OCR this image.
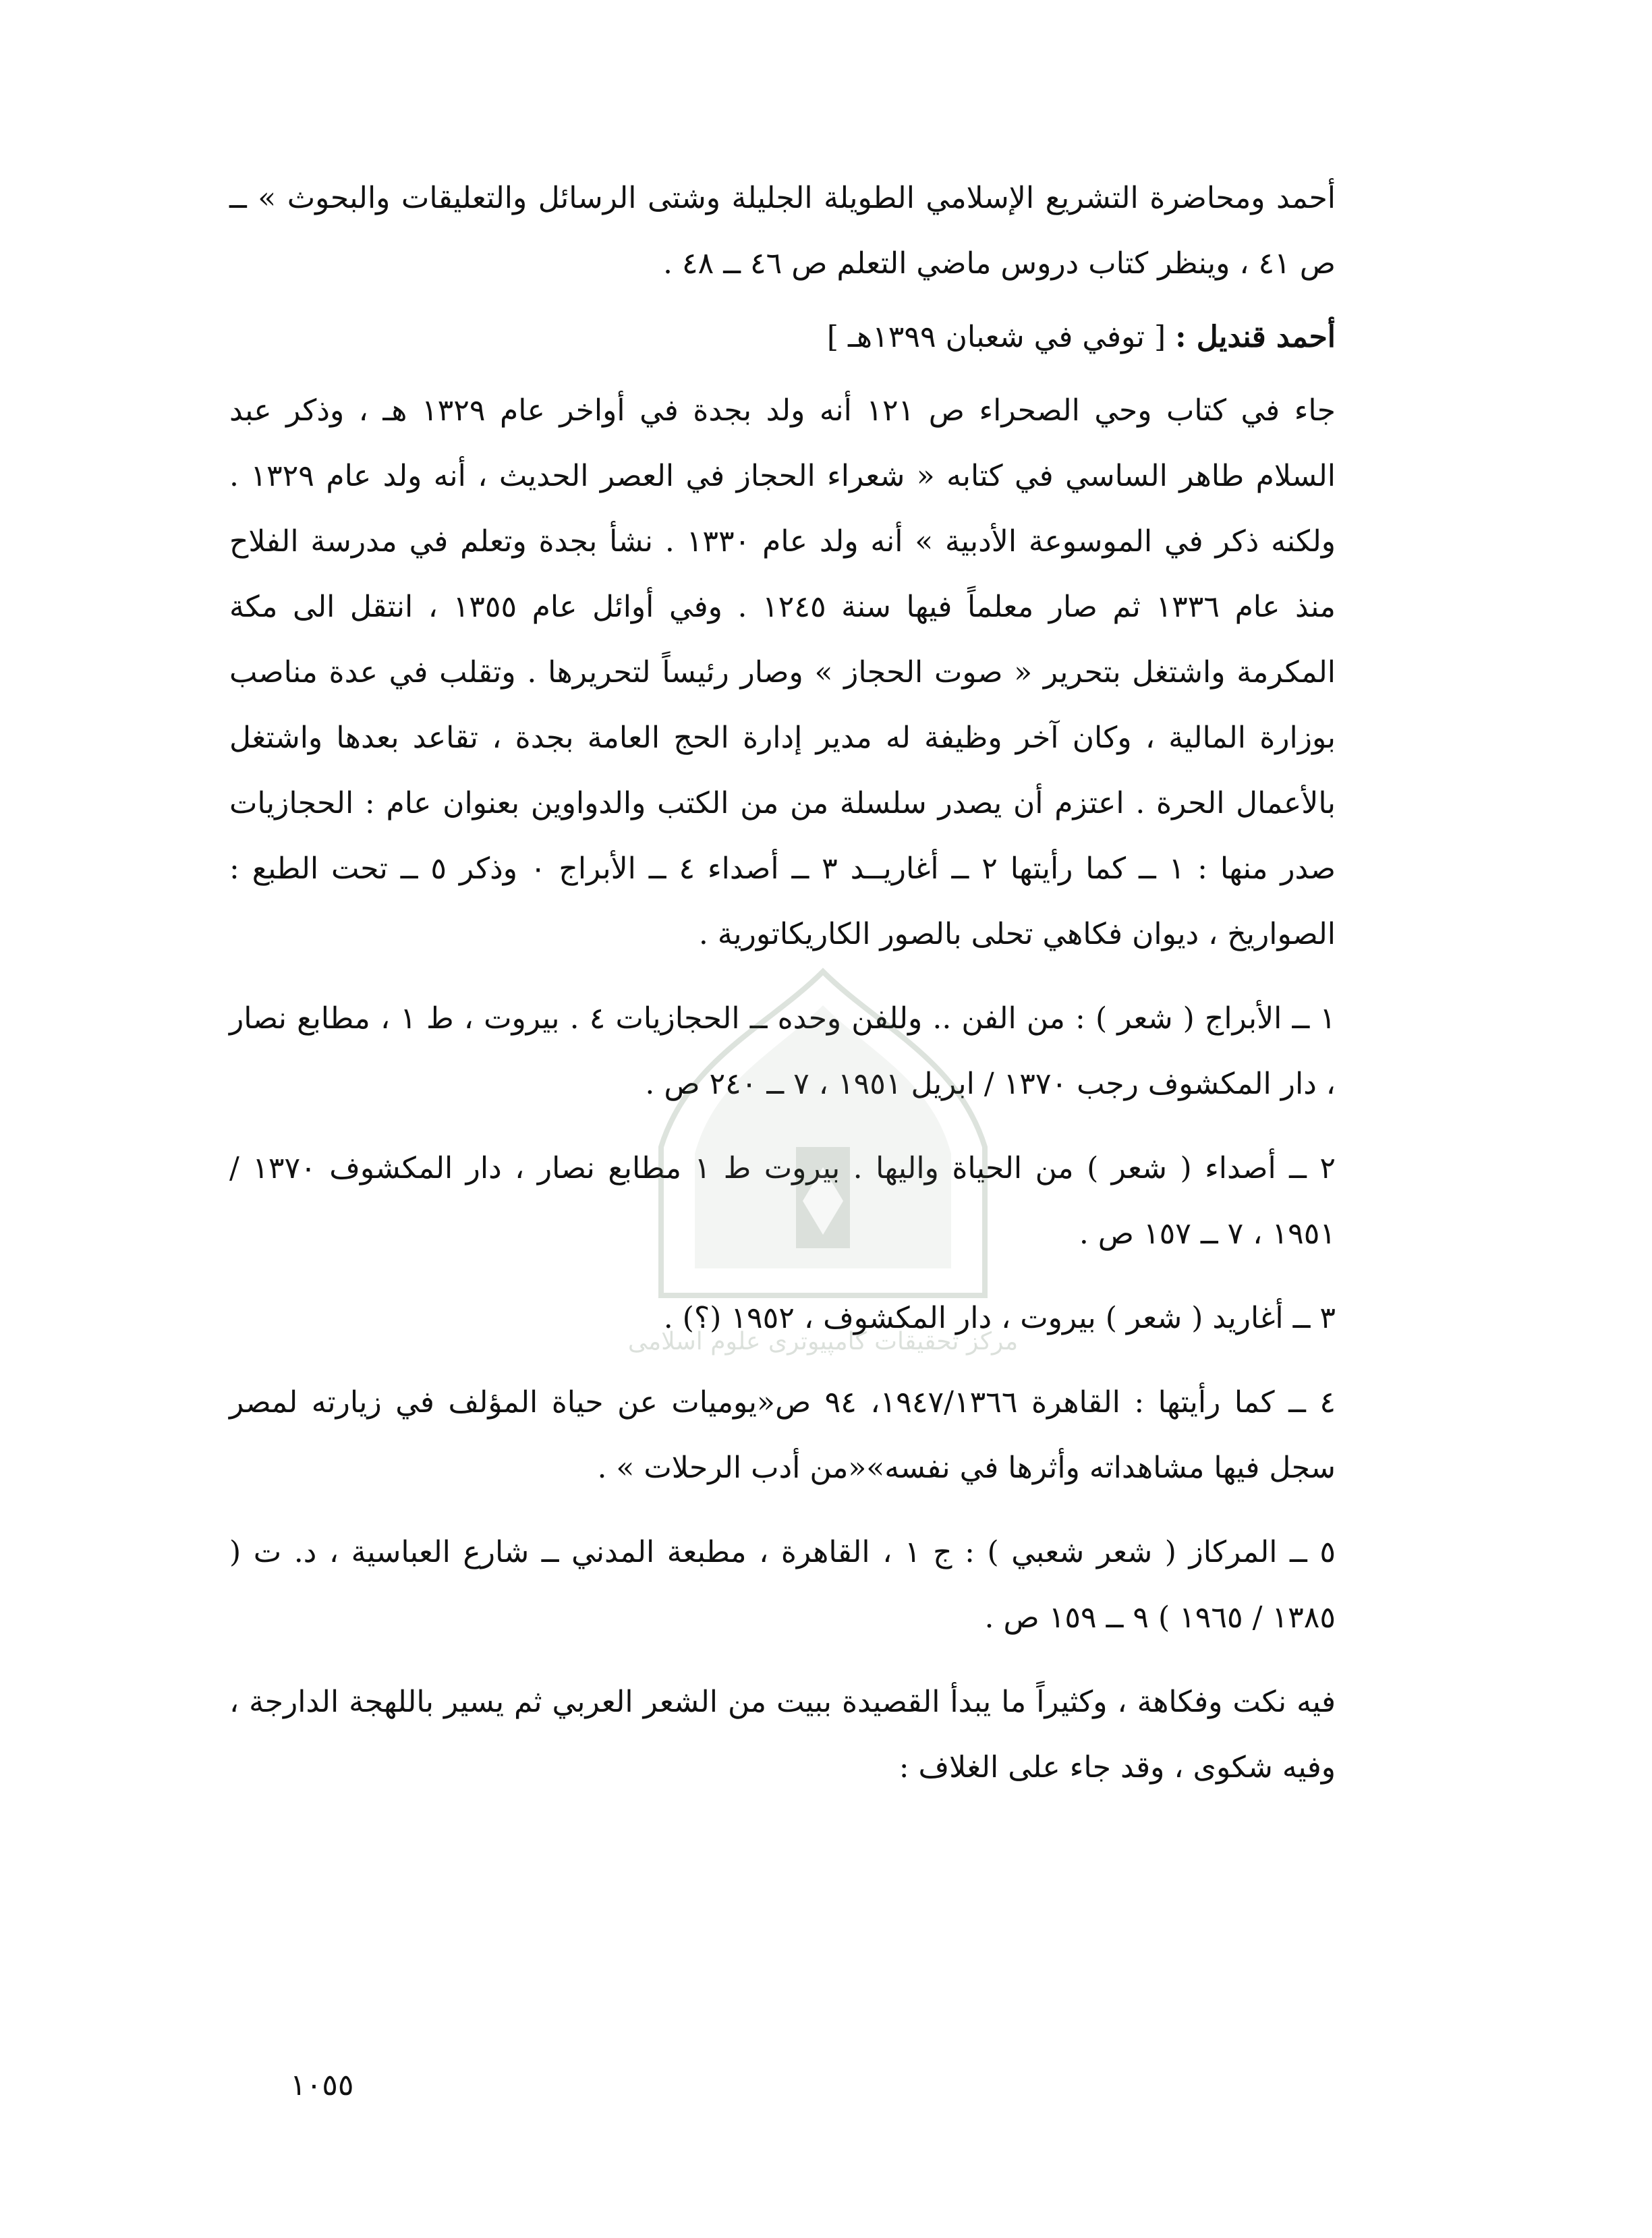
أحمد ومحاضرة التشريع الإسلامي الطويلة الجليلة وشتى الرسائل والتعليقات والبحوث » ــ ص ٤١ ، وينظر كتاب دروس ماضي التعلم ص ٤٦ ــ ٤٨ .

أحمد قنديل : [ توفي في شعبان ١٣٩٩هـ ]

جاء في كتاب وحي الصحراء ص ١٢١ أنه ولد بجدة في أواخر عام ١٣٢٩ هـ ، وذكر عبد السلام طاهر الساسي في كتابه « شعراء الحجاز في العصر الحديث ، أنه ولد عام ١٣٢٩ . ولكنه ذكر في الموسوعة الأدبية » أنه ولد عام ١٣٣٠ . نشأ بجدة وتعلم في مدرسة الفلاح منذ عام ١٣٣٦ ثم صار معلماً فيها سنة ١٢٤٥ . وفي أوائل عام ١٣٥٥ ، انتقل الى مكة المكرمة واشتغل بتحرير « صوت الحجاز » وصار رئيساً لتحريرها . وتقلب في عدة مناصب بوزارة المالية ، وكان آخر وظيفة له مدير إدارة الحج العامة بجدة ، تقاعد بعدها واشتغل بالأعمال الحرة . اعتزم أن يصدر سلسلة من من الكتب والدواوين بعنوان عام : الحجازيات صدر منها : ١ ــ كما رأيتها ٢ ــ أغاريــد ٣ ــ أصداء ٤ ــ الأبراج ٠ وذكر ٥ ــ تحت الطبع : الصواريخ ، ديوان فكاهي تحلى بالصور الكاريكاتورية .

١ ــ الأبراج ( شعر ) : من الفن .. وللفن وحده ــ الحجازيات ٤ . بيروت ، ط ١ ، مطابع نصار ، دار المكشوف رجب ١٣٧٠ / ابريل ١٩٥١ ، ٧ ــ ٢٤٠ ص .

٢ ــ أصداء ( شعر ) من الحياة واليها . بيروت ط ١ مطابع نصار ، دار المكشوف ١٣٧٠ / ١٩٥١ ، ٧ ــ ١٥٧ ص .

٣ ــ أغاريد ( شعر ) بيروت ، دار المكشوف ، ١٩٥٢ (؟) .

٤ ــ كما رأيتها : القاهرة ١٩٤٧/١٣٦٦، ٩٤ ص«يوميات عن حياة المؤلف في زيارته لمصر سجل فيها مشاهداته وأثرها في نفسه»«من أدب الرحلات » .

٥ ــ المركاز ( شعر شعبي ) : ج ١ ، القاهرة ، مطبعة المدني ــ شارع العباسية ، د. ت ( ١٣٨٥ / ١٩٦٥ ) ٩ ــ ١٥٩ ص .

فيه نكت وفكاهة ، وكثيراً ما يبدأ القصيدة ببيت من الشعر العربي ثم يسير باللهجة الدارجة ، وفيه شكوى ، وقد جاء على الغلاف :

مرکز تحقیقات کامپیوتری علوم اسلامی
١٠٥٥
